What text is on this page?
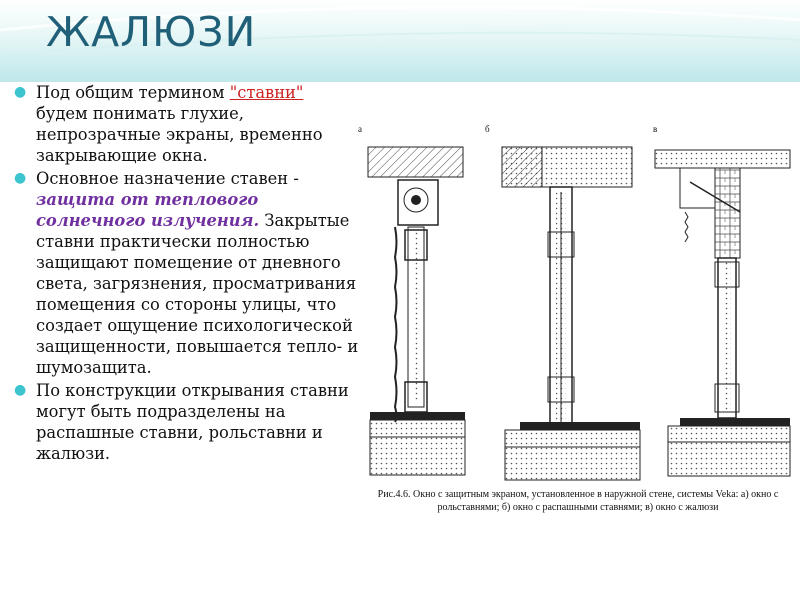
ЖАЛЮЗИ

● Под общим термином "ставни" будем понимать глухие, непрозрачные экраны, временно закрывающие окна.

● Основное назначение ставен - защита от теплового солнечного излучения. Закрытые ставни практически полностью защищают помещение от дневного света, загрязнения, просматривания помещения со стороны улицы, что создает ощущение психологической защищенности, повышается тепло- и шумозащита.

● По конструкции открывания ставни могут быть подразделены на распашные ставни, рольставни и жалюзи.

а	б	в
Рис.4.6. Окно с защитным экраном, установленное в наружной стене, системы Veka: а) окно с рольставнями; б) окно с распашными ставнями; в) окно с жалюзи
